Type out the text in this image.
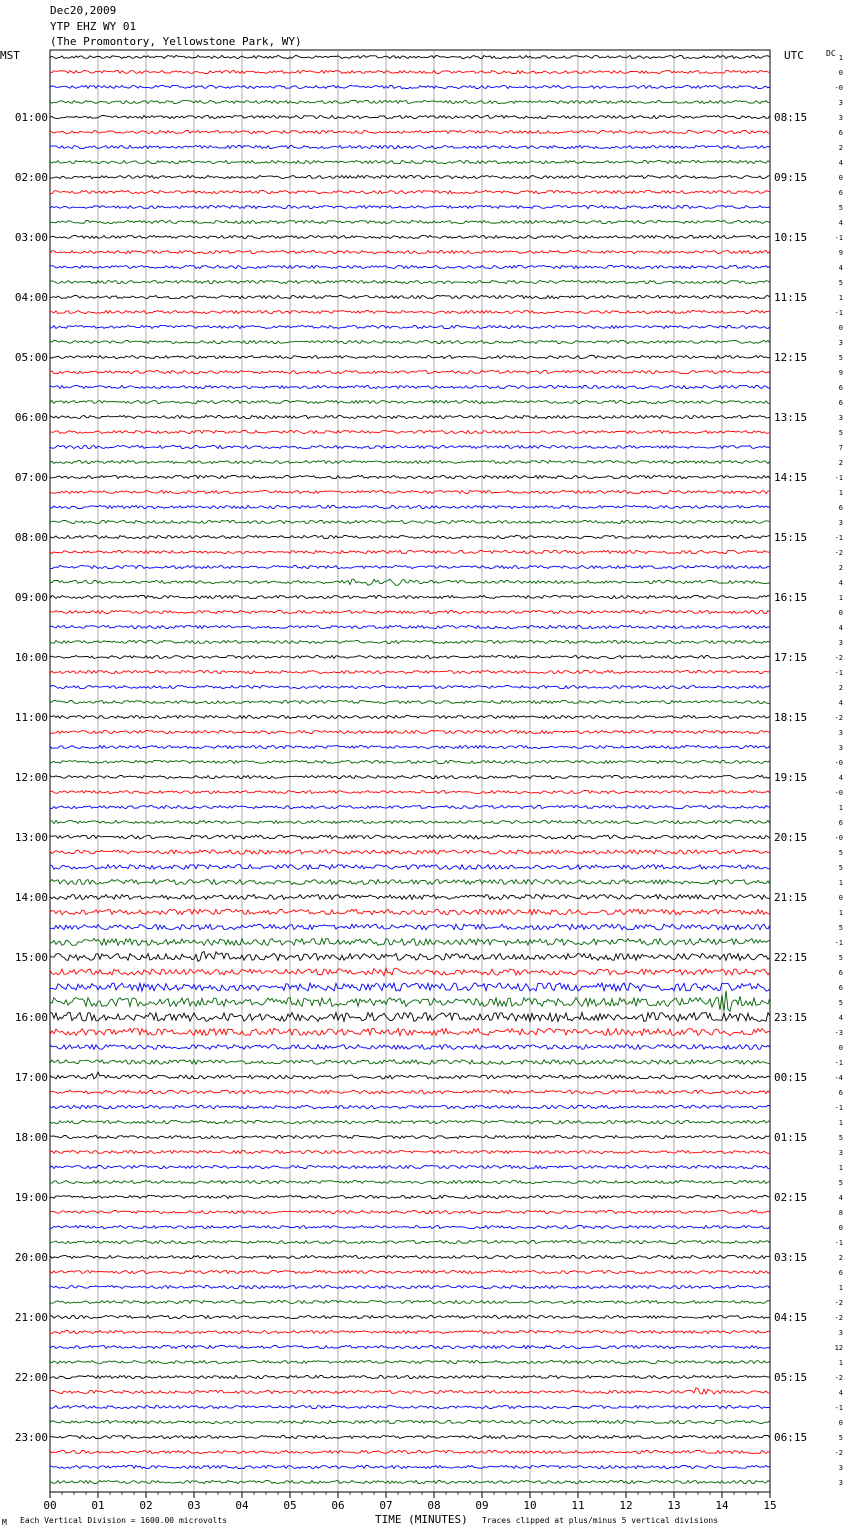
Dec20,2009
YTP EHZ WY 01
(The Promontory, Yellowstone Park, WY)
MST	UTC	DC
00	01	02	03	04	05	06	07	08	09	10	11	12	13	14	15
1
0
-0
3
3
6
2
4
0
6
5
4
-1
9
4
5
1
-1
0
3
5
9
6
6
3
5
7
2
-1
1
6
3
-1
-2
2
4
1
0
4
3
-2
-1
2
4
-2
3
3
-0
4
-0
1
6
-0
5
5
1
0
1
5
-1
5
6
6
5
4
-3
0
-1
-4
6
-1
1
5
3
1
5
4
8
0
-1
2
6
1
-2
-2
3
12
1
-2
4
-1
0
5
-2
3
3
01:00
02:00
03:00
04:00
05:00
06:00
07:00
08:00
09:00
10:00
11:00
12:00
13:00
14:00
15:00
16:00
17:00
18:00
19:00
20:00
21:00
22:00
23:00
08:15
09:15
10:15
11:15
12:15
13:15
14:15
15:15
16:15
17:15
18:15
19:15
20:15
21:15
22:15
23:15
00:15
01:15
02:15
03:15
04:15
05:15
06:15
M Each Vertical Division = 1600.00 microvolts	TIME (MINUTES) Traces clipped at plus/minus 5 vertical divisions
